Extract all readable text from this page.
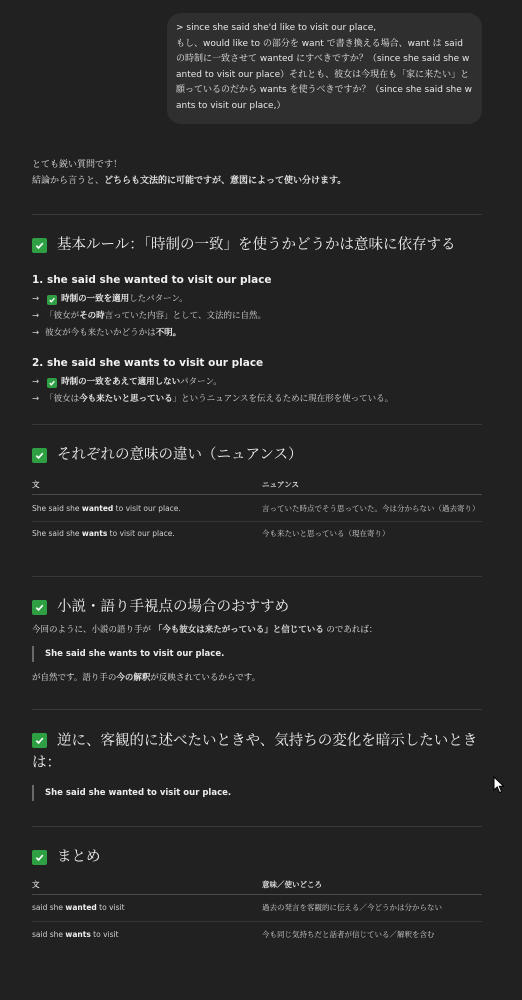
> since she said she'd like to visit our place,
もし、would like to の部分を want で書き換える場合、want は said の時制に一致させて wanted にすべきですか？（since she said she wanted to visit our place）それとも、彼女は今現在も「家に来たい」と願っているのだから wants を使うべきですか？（since she said she wants to visit our place,）

とても鋭い質問です！

結論から言うと、どちらも文法的に可能ですが、意図によって使い分けます。

基本ルール：「時制の一致」を使うかどうかは意味に依存する
1. she said she wanted to visit our place
→	時制の一致を適用 したパターン。
→ 「彼女が その時 言っていた内容」として、文法的に自然。
→ 彼女が今も来たいかどうかは 不明。
2. she said she wants to visit our place
→	時制の一致をあえて適用しない パターン。
→ 「彼女は 今も来たいと思っている 」というニュアンスを伝えるために現在形を使っている。
それぞれの意味の違い（ニュアンス）
文	ニュアンス
She said she wanted to visit our place.	言っていた時点でそう思っていた。今は分からない（過去寄り）
She said she wants to visit our place.	今も来たいと思っている（現在寄り）
小説・語り手視点の場合のおすすめ

今回のように、小説の語り手が 「今も彼女は来たがっている」と信じている のであれば：

She said she wants to visit our place.

が自然です。語り手の今の解釈が反映されているからです。

逆に、客観的に述べたいときや、気持ちの変化を暗示したいときは：
She said she wanted to visit our place.
まとめ
文	意味／使いどころ
said she wanted to visit	過去の発言を客観的に伝える／今どうかは分からない
said she wants to visit	今も同じ気持ちだと話者が信じている／解釈を含む
